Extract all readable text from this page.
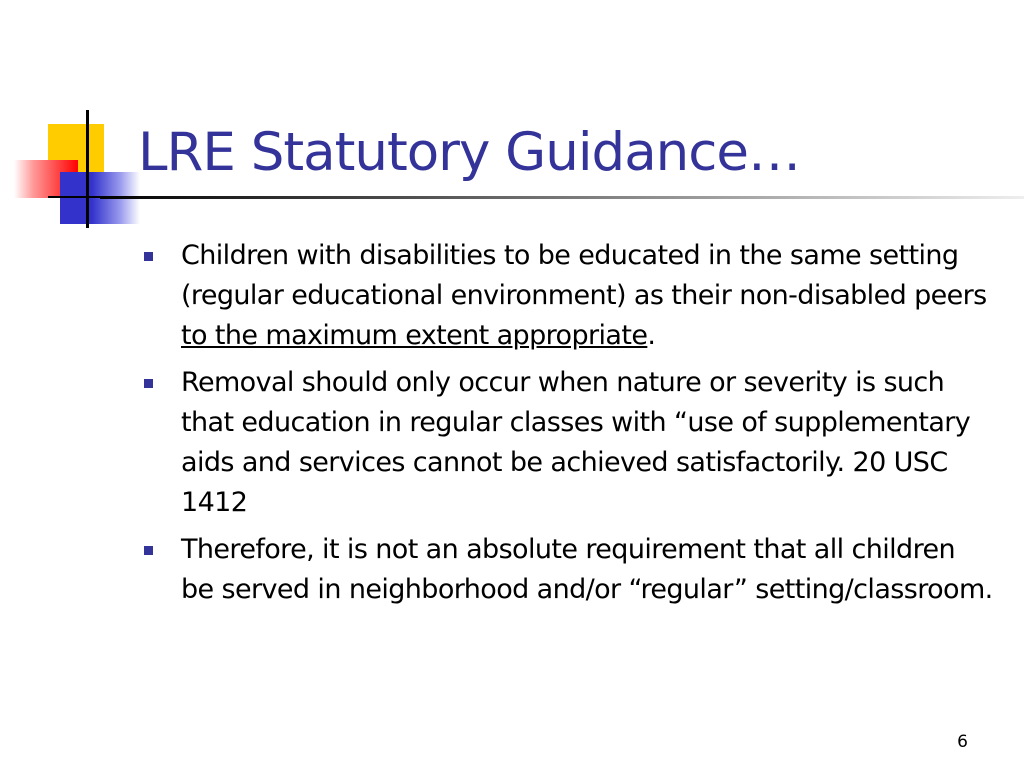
LRE Statutory Guidance…
Children with disabilities to be educated in the same setting (regular educational environment) as their non-disabled peers to the maximum extent appropriate.
Removal should only occur when nature or severity is such that education in regular classes with “use of supplementary aids and services cannot be achieved satisfactorily. 20 USC 1412
Therefore, it is not an absolute requirement that all children be served in neighborhood and/or “regular” setting/classroom.
6
